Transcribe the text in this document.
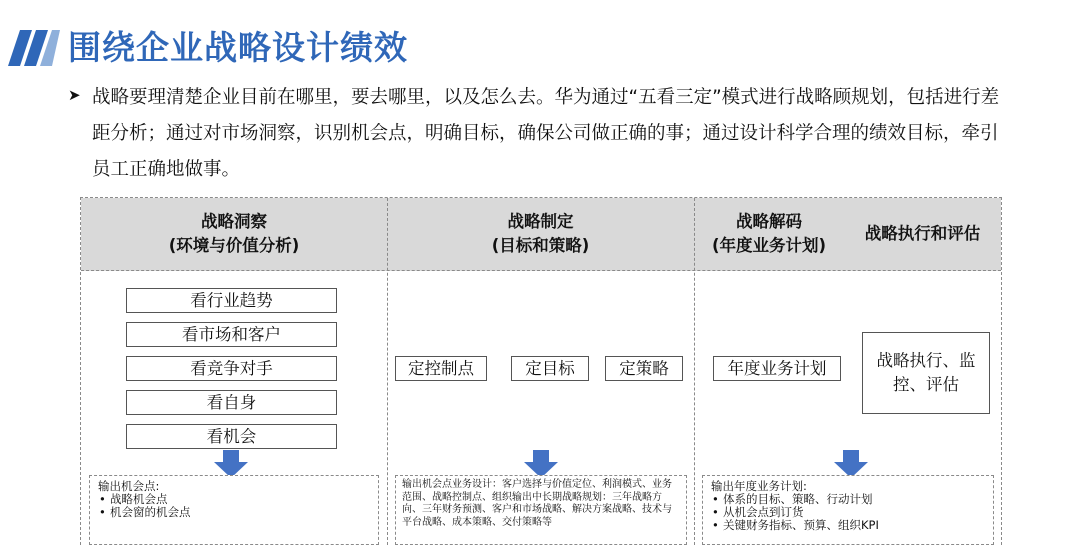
围绕企业战略设计绩效
➤ 战略要理清楚企业目前在哪里，要去哪里，以及怎么去。华为通过“五看三定”模式进行战略顾规划，包括进行差距分析；通过对市场洞察，识别机会点，明确目标，确保公司做正确的事；通过设计科学合理的绩效目标，牵引员工正确地做事。
战略洞察
(环境与价值分析)
战略制定
(目标和策略)
战略解码
(年度业务计划)
战略执行和评估
看行业趋势
看市场和客户
看竞争对手
看自身
看机会
定控制点	定目标	定策略	年度业务计划	战略执行、监控、评估
输出机会点:
• 战略机会点
• 机会窗的机会点
输出机会点业务设计：客户选择与价值定位、利润模式、业务范围、战略控制点、组织输出中长期战略规划：三年战略方向、三年财务预测、客户和市场战略、解决方案战略、技术与平台战略、成本策略、交付策略等
输出年度业务计划:
• 体系的目标、策略、行动计划
• 从机会点到订货
• 关键财务指标、预算、组织KPI
